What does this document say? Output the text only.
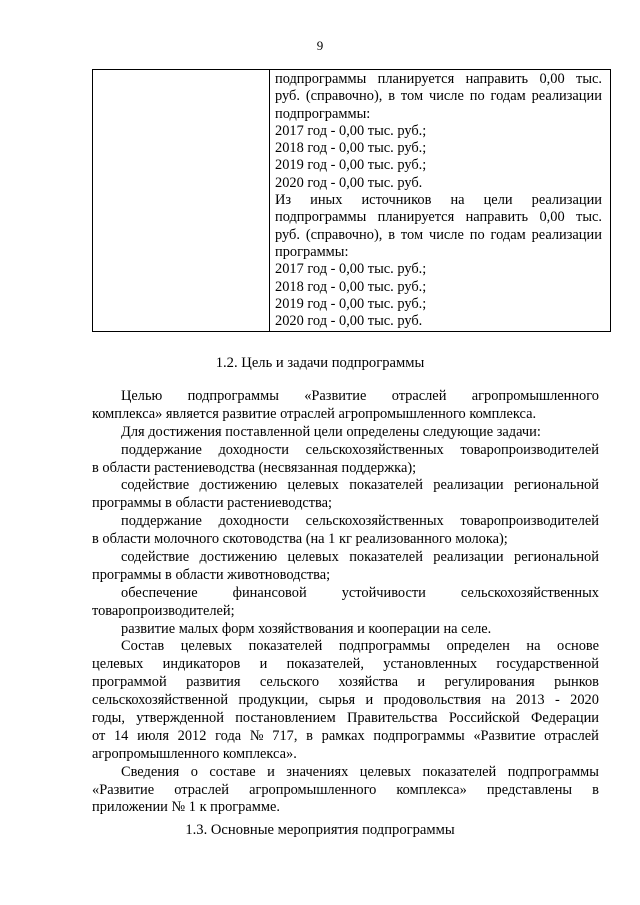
9

подпрограммы планируется направить 0,00 тыс.
руб. (справочно), в том числе по годам реализации
подпрограммы:
2017 год - 0,00 тыс. руб.;
2018 год - 0,00 тыс. руб.;
2019 год - 0,00 тыс. руб.;
2020 год - 0,00 тыс. руб.
Из иных источников на цели реализации
подпрограммы планируется направить 0,00 тыс.
руб. (справочно), в том числе по годам реализации
программы:
2017 год - 0,00 тыс. руб.;
2018 год - 0,00 тыс. руб.;
2019 год - 0,00 тыс. руб.;
2020 год - 0,00 тыс. руб.
1.2. Цель и задачи подпрограммы
Целью подпрограммы «Развитие отраслей агропромышленного
комплекса» является развитие отраслей агропромышленного комплекса.
Для достижения поставленной цели определены следующие задачи:
поддержание доходности сельскохозяйственных товаропроизводителей
в области растениеводства (несвязанная поддержка);
содействие достижению целевых показателей реализации региональной
программы в области растениеводства;
поддержание доходности сельскохозяйственных товаропроизводителей
в области молочного скотоводства (на 1 кг реализованного молока);
содействие достижению целевых показателей реализации региональной
программы в области животноводства;
обеспечение финансовой устойчивости сельскохозяйственных
товаропроизводителей;
развитие малых форм хозяйствования и кооперации на селе.
Состав целевых показателей подпрограммы определен на основе
целевых индикаторов и показателей, установленных государственной
программой развития сельского хозяйства и регулирования рынков
сельскохозяйственной продукции, сырья и продовольствия на 2013 - 2020
годы, утвержденной постановлением Правительства Российской Федерации
от 14 июля 2012 года № 717, в рамках подпрограммы «Развитие отраслей
агропромышленного комплекса».
Сведения о составе и значениях целевых показателей подпрограммы
«Развитие отраслей агропромышленного комплекса» представлены в
приложении № 1 к программе.
1.3. Основные мероприятия подпрограммы
